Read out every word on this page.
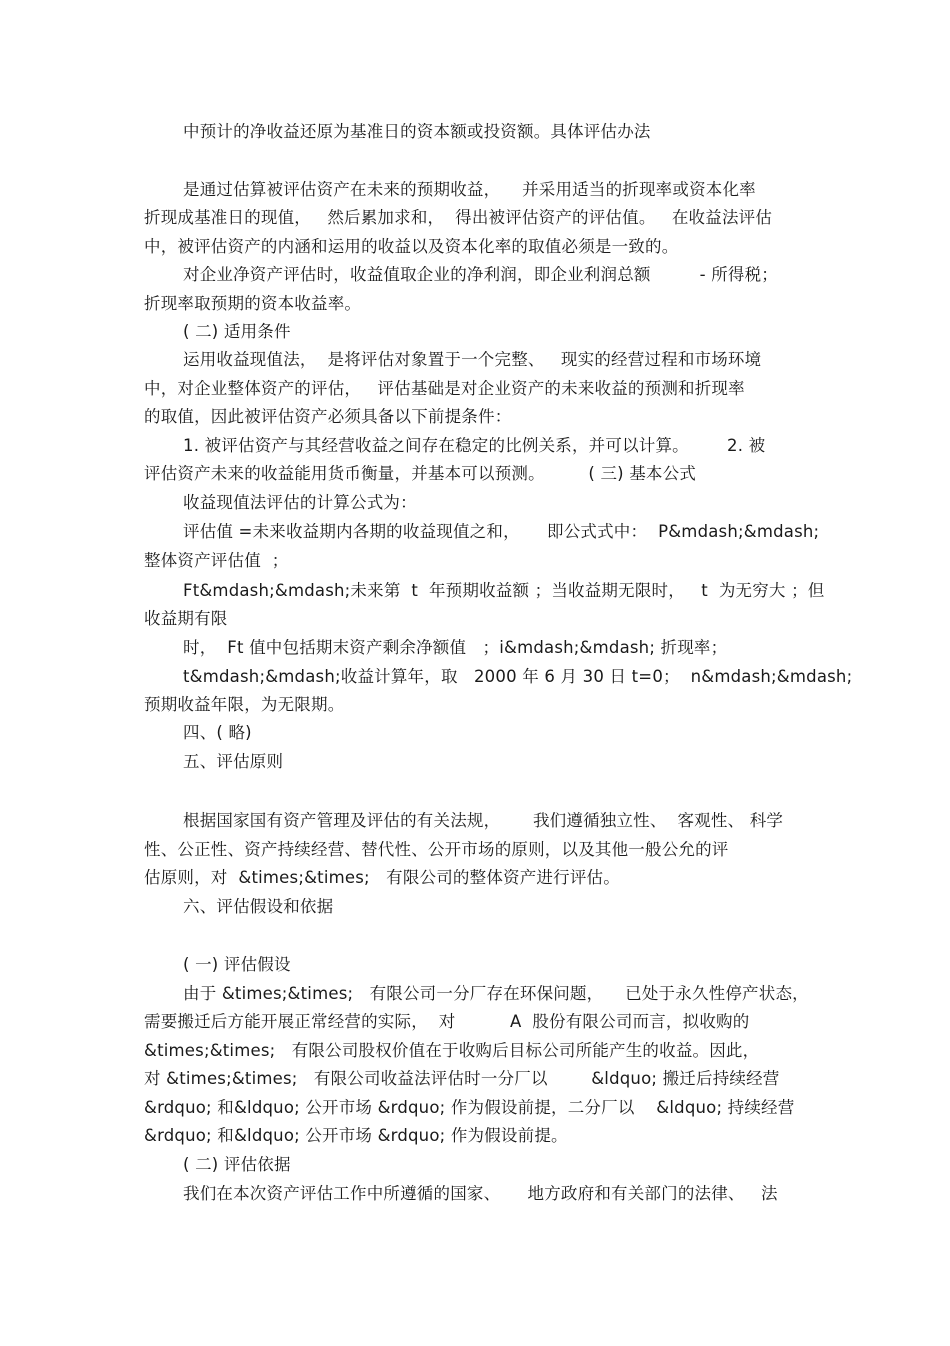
中预计的净收益还原为基准日的资本额或投资额。具体评估办法
是通过估算被评估资产在未来的预期收益，    并采用适当的折现率或资本化率
折现成基准日的现值，   然后累加求和，  得出被评估资产的评估值。   在收益法评估
中，被评估资产的内涵和运用的收益以及资本化率的取值必须是一致的。
对企业净资产评估时，收益值取企业的净利润，即企业利润总额         - 所得税；
折现率取预期的资本收益率。
( 二) 适用条件
运用收益现值法，  是将评估对象置于一个完整、   现实的经营过程和市场环境
中，对企业整体资产的评估，   评估基础是对企业资产的未来收益的预测和折现率
的取值，因此被评估资产必须具备以下前提条件：
1. 被评估资产与其经营收益之间存在稳定的比例关系，并可以计算。       2. 被
评估资产未来的收益能用货币衡量，并基本可以预测。        ( 三) 基本公式
收益现值法评估的计算公式为：
评估值 =未来收益期内各期的收益现值之和，     即公式式中：  P&mdash;&mdash;
整体资产评估值  ；
Ft&mdash;&mdash;未来第  t  年预期收益额 ；当收益期无限时，   t  为无穷大 ；但
收益期有限
时，  Ft 值中包括期末资产剩余净额值   ；i&mdash;&mdash; 折现率；
t&mdash;&mdash;收益计算年，取   2000 年 6 月 30 日 t=0；  n&mdash;&mdash;
预期收益年限，为无限期。
四、( 略)
五、评估原则
根据国家国有资产管理及评估的有关法规，      我们遵循独立性、  客观性、 科学
性、公正性、资产持续经营、替代性、公开市场的原则，以及其他一般公允的评
估原则，对  &times;&times;   有限公司的整体资产进行评估。
六、评估假设和依据
( 一) 评估假设
由于 &times;&times;   有限公司一分厂存在环保问题，    已处于永久性停产状态，
需要搬迁后方能开展正常经营的实际，  对          A  股份有限公司而言，拟收购的
&times;&times;   有限公司股权价值在于收购后目标公司所能产生的收益。因此，
对 &times;&times;   有限公司收益法评估时一分厂以        &ldquo; 搬迁后持续经营
&rdquo; 和&ldquo; 公开市场 &rdquo; 作为假设前提，二分厂以    &ldquo; 持续经营
&rdquo; 和&ldquo; 公开市场 &rdquo; 作为假设前提。
( 二) 评估依据
我们在本次资产评估工作中所遵循的国家、     地方政府和有关部门的法律、   法
